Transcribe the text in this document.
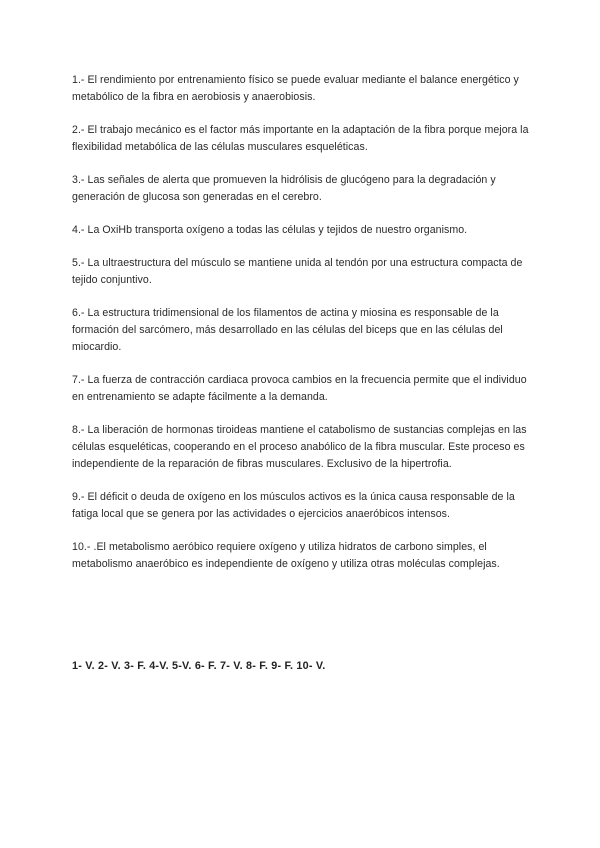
1.- El rendimiento por entrenamiento físico se puede evaluar mediante el balance energético y metabólico de la fibra en aerobiosis y anaerobiosis.

2.- El trabajo mecánico es el factor más importante en la adaptación de la fibra porque mejora la flexibilidad metabólica de las células musculares esqueléticas.

3.- Las señales de alerta que promueven la hidrólisis de glucógeno para la degradación y generación de glucosa son generadas en el cerebro.

4.- La OxiHb transporta oxígeno a todas las células y tejidos de nuestro organismo.

5.- La ultraestructura del músculo se mantiene unida al tendón por una estructura compacta de tejido conjuntivo.

6.- La estructura tridimensional de los filamentos de actina y miosina es responsable de la formación del sarcómero, más desarrollado en las células del biceps que en las células del miocardio.

7.- La fuerza de contracción cardiaca provoca cambios en la frecuencia permite que el individuo en entrenamiento se adapte fácilmente a la demanda.

8.- La liberación de hormonas tiroideas mantiene el catabolismo de sustancias complejas en las células esqueléticas, cooperando en el proceso anabólico de la fibra muscular. Este proceso es independiente de la reparación de fibras musculares. Exclusivo de la hipertrofia.

9.- El déficit o deuda de oxígeno en los músculos activos es la única causa responsable de la fatiga local que se genera por las actividades o ejercicios anaeróbicos intensos.

10.- .El metabolismo aeróbico requiere oxígeno y utiliza hidratos de carbono simples, el metabolismo anaeróbico es independiente de oxígeno y utiliza otras moléculas complejas.

1- V. 2- V. 3- F. 4-V. 5-V. 6- F. 7- V. 8- F. 9- F. 10- V.
